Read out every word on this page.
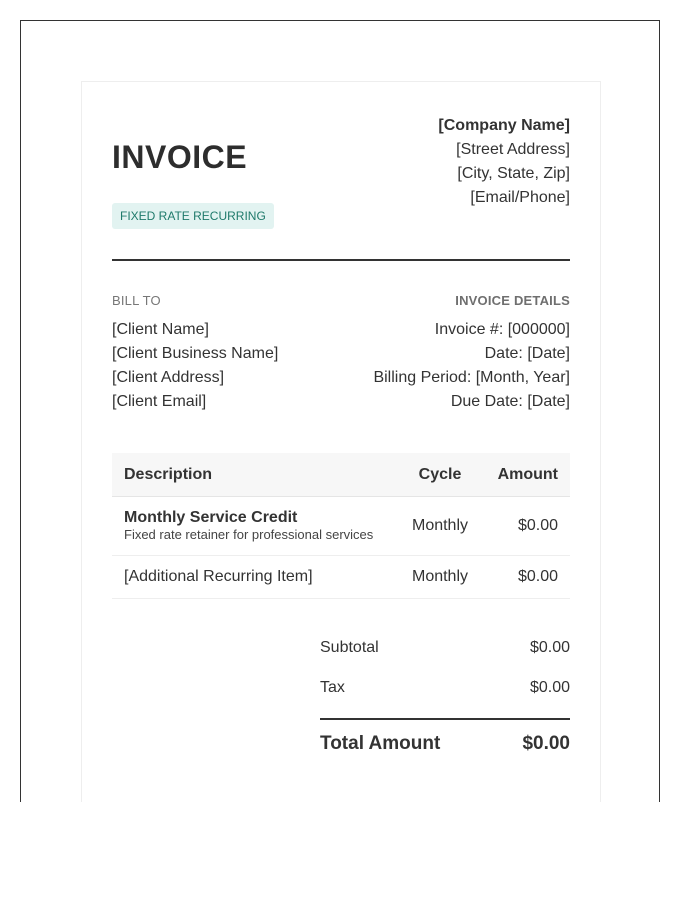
INVOICE
FIXED RATE RECURRING
[Company Name]
[Street Address]
[City, State, Zip]
[Email/Phone]
BILL TO	INVOICE DETAILS
[Client Name]
[Client Business Name]
[Client Address]
[Client Email]
Invoice #: [000000]
Date: [Date]
Billing Period: [Month, Year]
Due Date: [Date]
Description	Cycle	Amount

Monthly Service Credit
Fixed rate retainer for professional services	Monthly	$0.00
[Additional Recurring Item]	Monthly	$0.00
Subtotal	$0.00
Tax	$0.00
Total Amount	$0.00
